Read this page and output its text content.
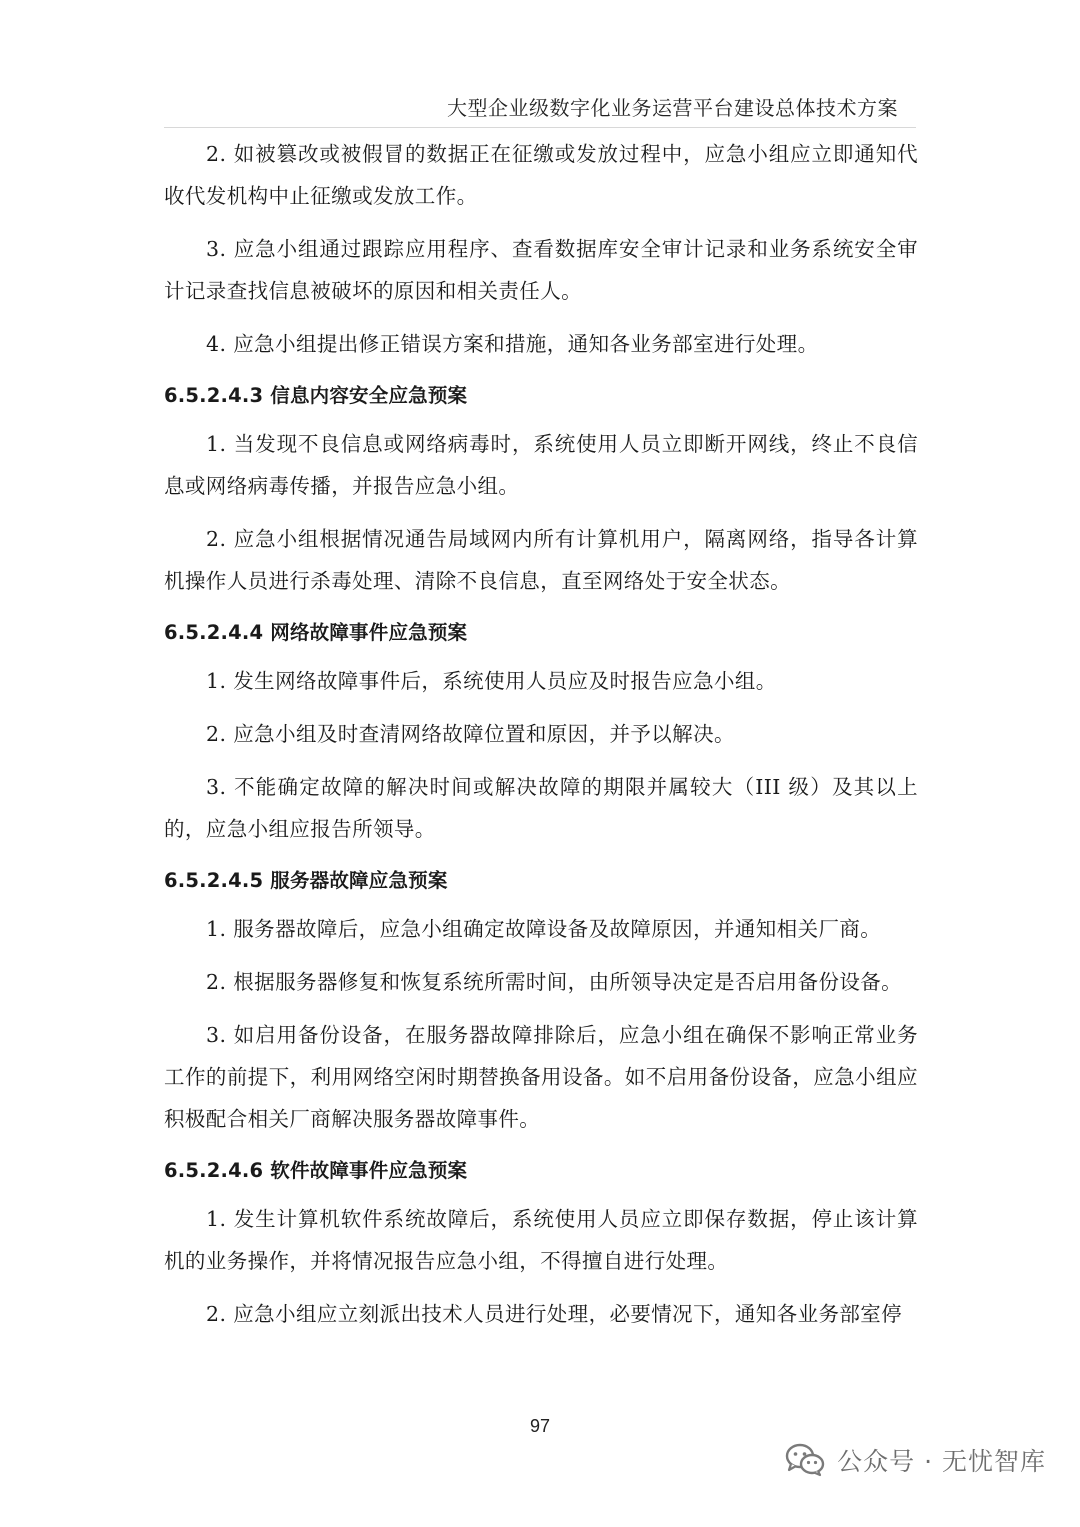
大型企业级数字化业务运营平台建设总体技术方案

2. 如被篡改或被假冒的数据正在征缴或发放过程中，应急小组应立即通知代收代发机构中止征缴或发放工作。

3. 应急小组通过跟踪应用程序、查看数据库安全审计记录和业务系统安全审计记录查找信息被破坏的原因和相关责任人。

4. 应急小组提出修正错误方案和措施，通知各业务部室进行处理。

6.5.2.4.3 信息内容安全应急预案

1. 当发现不良信息或网络病毒时，系统使用人员立即断开网线，终止不良信息或网络病毒传播，并报告应急小组。

2. 应急小组根据情况通告局域网内所有计算机用户，隔离网络，指导各计算机操作人员进行杀毒处理、清除不良信息，直至网络处于安全状态。

6.5.2.4.4 网络故障事件应急预案

1. 发生网络故障事件后，系统使用人员应及时报告应急小组。

2. 应急小组及时查清网络故障位置和原因，并予以解决。

3. 不能确定故障的解决时间或解决故障的期限并属较大（III 级）及其以上的，应急小组应报告所领导。

6.5.2.4.5 服务器故障应急预案

1. 服务器故障后，应急小组确定故障设备及故障原因，并通知相关厂商。

2. 根据服务器修复和恢复系统所需时间，由所领导决定是否启用备份设备。

3. 如启用备份设备，在服务器故障排除后，应急小组在确保不影响正常业务工作的前提下，利用网络空闲时期替换备用设备。如不启用备份设备，应急小组应积极配合相关厂商解决服务器故障事件。

6.5.2.4.6 软件故障事件应急预案

1. 发生计算机软件系统故障后，系统使用人员应立即保存数据，停止该计算机的业务操作，并将情况报告应急小组，不得擅自进行处理。

2. 应急小组应立刻派出技术人员进行处理，必要情况下，通知各业务部室停

97
公众号 · 无忧智库
